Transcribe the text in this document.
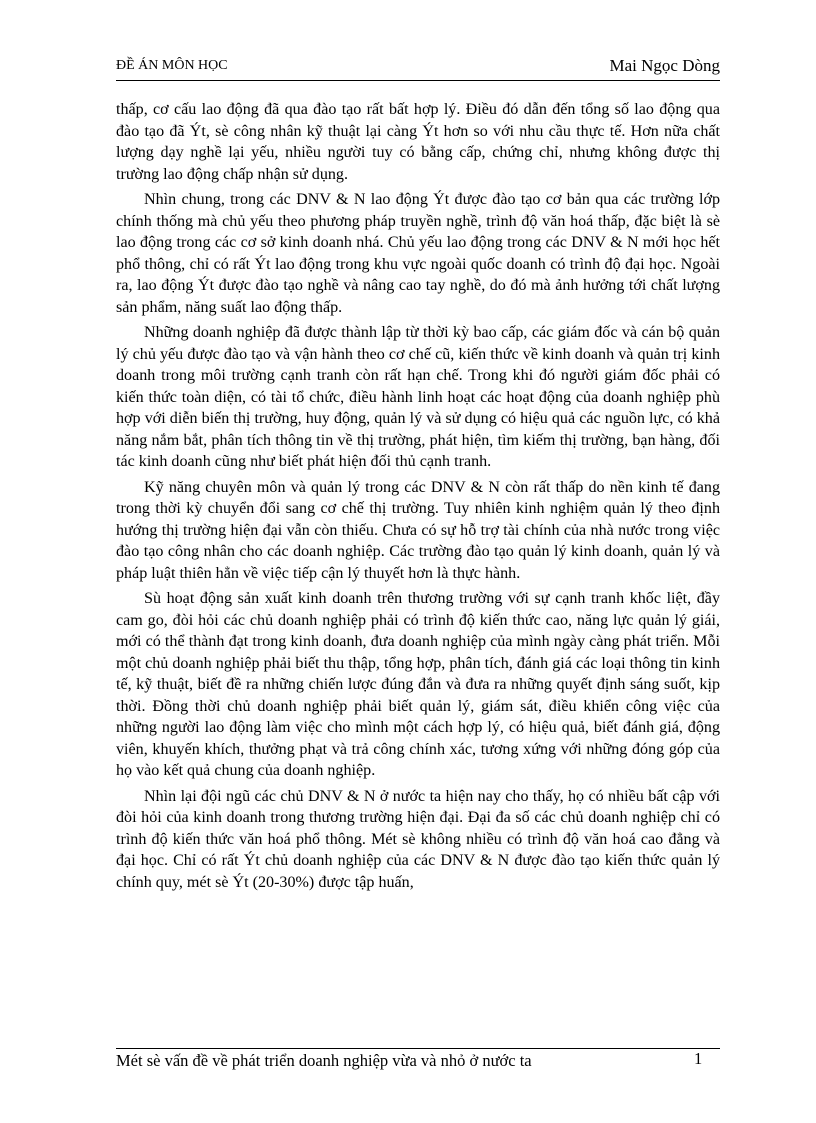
ĐỀ ÁN MÔN HỌC	Mai Ngọc Dòng

thấp, cơ cấu lao động đã qua đào tạo rất bất hợp lý. Điều đó dẫn đến tổng số lao động qua đào tạo đã Ýt, sè công nhân kỹ thuật lại càng Ýt hơn so với nhu cầu thực tế. Hơn nữa chất lượng dạy nghề lại yếu, nhiều người tuy có bằng cấp, chứng chỉ, nhưng không được thị trường lao động chấp nhận sử dụng.

Nhìn chung, trong các DNV & N lao động Ýt được đào tạo cơ bản qua các trường lớp chính thống mà chủ yếu theo phương pháp truyền nghề, trình độ văn hoá thấp, đặc biệt là sè lao động trong các cơ sở kinh doanh nhá. Chủ yếu lao động trong các DNV & N mới học hết phổ thông, chỉ có rất Ýt lao động trong khu vực ngoài quốc doanh có trình độ đại học. Ngoài ra, lao động Ýt được đào tạo nghề và nâng cao tay nghề, do đó mà ảnh hưởng tới chất lượng sản phẩm, năng suất lao động thấp.

Những doanh nghiệp đã được thành lập từ thời kỳ bao cấp, các giám đốc và cán bộ quản lý chủ yếu được đào tạo và vận hành theo cơ chế cũ, kiến thức về kinh doanh và quản trị kinh doanh trong môi trường cạnh tranh còn rất hạn chế. Trong khi đó người giám đốc phải có kiến thức toàn diện, có tài tổ chức, điều hành linh hoạt các hoạt động của doanh nghiệp phù hợp với diễn biến thị trường, huy động, quản lý và sử dụng có hiệu quả các nguồn lực, có khả năng nắm bắt, phân tích thông tin về thị trường, phát hiện, tìm kiếm thị trường, bạn hàng, đối tác kinh doanh cũng như biết phát hiện đối thủ cạnh tranh.

Kỹ năng chuyên môn và quản lý trong các DNV & N còn rất thấp do nền kinh tế đang trong thời kỳ chuyển đổi sang cơ chế thị trường. Tuy nhiên kinh nghiệm quản lý theo định hướng thị trường hiện đại vẫn còn thiếu. Chưa có sự hỗ trợ tài chính của nhà nước trong việc đào tạo công nhân cho các doanh nghiệp. Các trường đào tạo quản lý kinh doanh, quản lý và pháp luật thiên hẳn về việc tiếp cận lý thuyết hơn là thực hành.

Sù hoạt động sản xuất kinh doanh trên thương trường với sự cạnh tranh khốc liệt, đầy cam go, đòi hỏi các chủ doanh nghiệp phải có trình độ kiến thức cao, năng lực quản lý giái, mới có thể thành đạt trong kinh doanh, đưa doanh nghiệp của mình ngày càng phát triển. Mỗi một chủ doanh nghiệp phải biết thu thập, tổng hợp, phân tích, đánh giá các loại thông tin kinh tế, kỹ thuật, biết đề ra những chiến lược đúng đắn và đưa ra những quyết định sáng suốt, kịp thời. Đồng thời chủ doanh nghiệp phải biết quản lý, giám sát, điều khiển công việc của những người lao động làm việc cho mình một cách hợp lý, có hiệu quả, biết đánh giá, động viên, khuyến khích, thưởng phạt và trả công chính xác, tương xứng với những đóng góp của họ vào kết quả chung của doanh nghiệp.

Nhìn lại đội ngũ các chủ DNV & N ở nước ta hiện nay cho thấy, họ có nhiều bất cập với đòi hỏi của kinh doanh trong thương trường hiện đại. Đại đa số các chủ doanh nghiệp chỉ có trình độ kiến thức văn hoá phổ thông. Mét sè không nhiều có trình độ văn hoá cao đẳng và đại học. Chỉ có rất Ýt chủ doanh nghiệp của các DNV & N được đào tạo kiến thức quản lý chính quy, mét sè Ýt (20-30%) được tập huấn,

Mét sè vấn đề về phát triển doanh nghiệp vừa và nhỏ ở nước ta	1
